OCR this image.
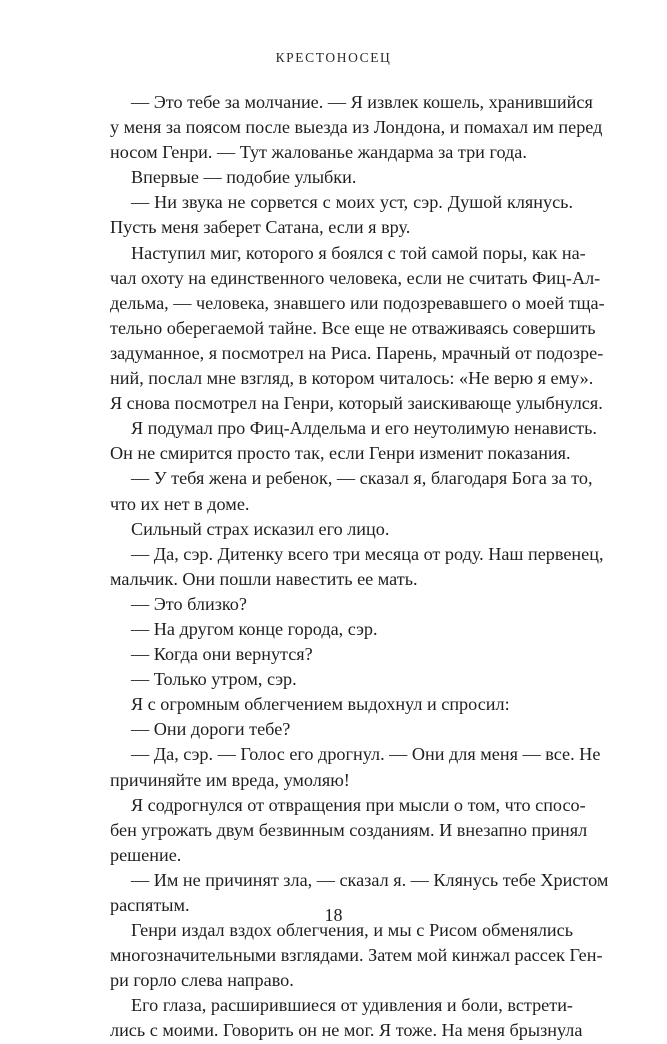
КРЕСТОНОСЕЦ
— Это тебе за молчание. — Я извлек кошель, хранившийся
у меня за поясом после выезда из Лондона, и помахал им перед
носом Генри. — Тут жалованье жандарма за три года.
Впервые — подобие улыбки.
— Ни звука не сорвется с моих уст, сэр. Душой клянусь.
Пусть меня заберет Сатана, если я вру.
Наступил миг, которого я боялся с той самой поры, как на-
чал охоту на единственного человека, если не считать Фиц-Ал-
дельма, — человека, знавшего или подозревавшего о моей тща-
тельно оберегаемой тайне. Все еще не отваживаясь совершить
задуманное, я посмотрел на Риса. Парень, мрачный от подозре-
ний, послал мне взгляд, в котором читалось: «Не верю я ему».
Я снова посмотрел на Генри, который заискивающе улыбнулся.
Я подумал про Фиц-Алдельма и его неутолимую ненависть.
Он не смирится просто так, если Генри изменит показания.
— У тебя жена и ребенок, — сказал я, благодаря Бога за то,
что их нет в доме.
Сильный страх исказил его лицо.
— Да, сэр. Дитенку всего три месяца от роду. Наш первенец,
мальчик. Они пошли навестить ее мать.
— Это близко?
— На другом конце города, сэр.
— Когда они вернутся?
— Только утром, сэр.
Я с огромным облегчением выдохнул и спросил:
— Они дороги тебе?
— Да, сэр. — Голос его дрогнул. — Они для меня — все. Не
причиняйте им вреда, умоляю!
Я содрогнулся от отвращения при мысли о том, что спосо-
бен угрожать двум безвинным созданиям. И внезапно принял
решение.
— Им не причинят зла, — сказал я. — Клянусь тебе Христом
распятым.
Генри издал вздох облегчения, и мы с Рисом обменялись
многозначительными взглядами. Затем мой кинжал рассек Ген-
ри горло слева направо.
Его глаза, расширившиеся от удивления и боли, встрети-
лись с моими. Говорить он не мог. Я тоже. На меня брызнула
18
